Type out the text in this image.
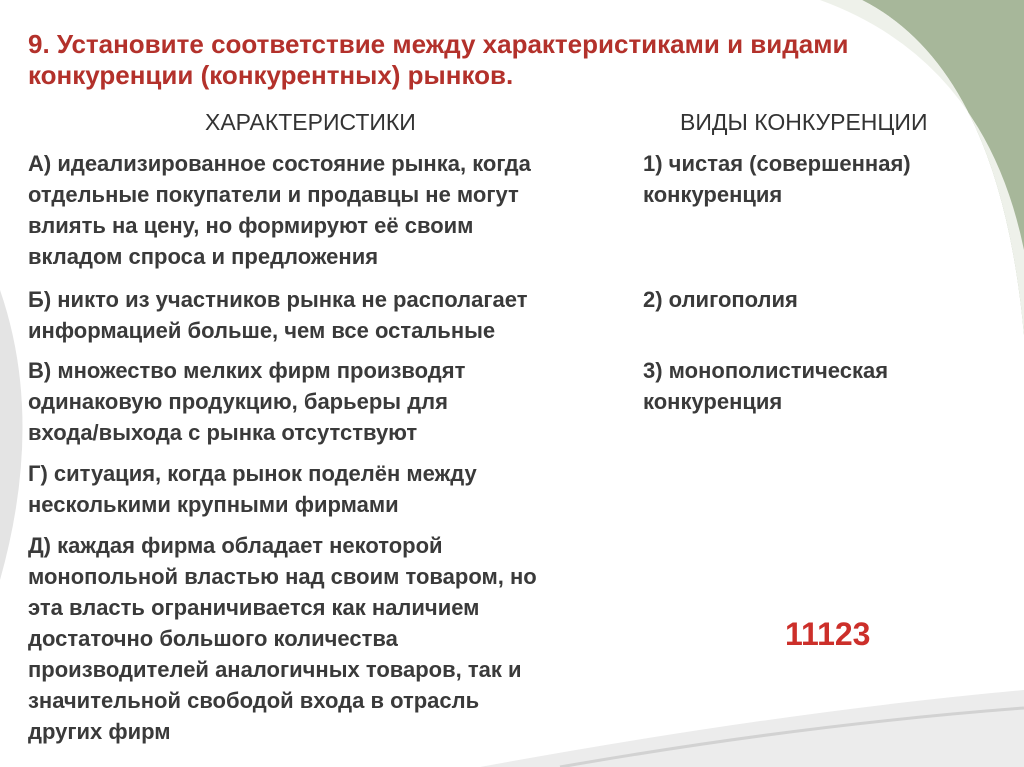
9. Установите соответствие между характеристиками и видами
конкуренции (конкурентных) рынков.
ХАРАКТЕРИСТИКИ	ВИДЫ КОНКУРЕНЦИИ
А) идеализированное состояние рынка, когда
отдельные покупатели и продавцы не могут
влиять на цену, но формируют её своим
вкладом спроса и предложения
Б) никто из участников рынка не располагает
информацией больше, чем все остальные
В) множество мелких фирм производят
одинаковую продукцию, барьеры для
входа/выхода с рынка отсутствуют
Г) ситуация, когда рынок поделён между
несколькими крупными фирмами
Д) каждая фирма обладает некоторой
монопольной властью над своим товаром, но
эта власть ограничивается как наличием
достаточно большого количества
производителей аналогичных товаров, так и
значительной свободой входа в отрасль
других фирм
1) чистая (совершенная)
конкуренция
2) олигополия
3) монополистическая
конкуренция
11123
